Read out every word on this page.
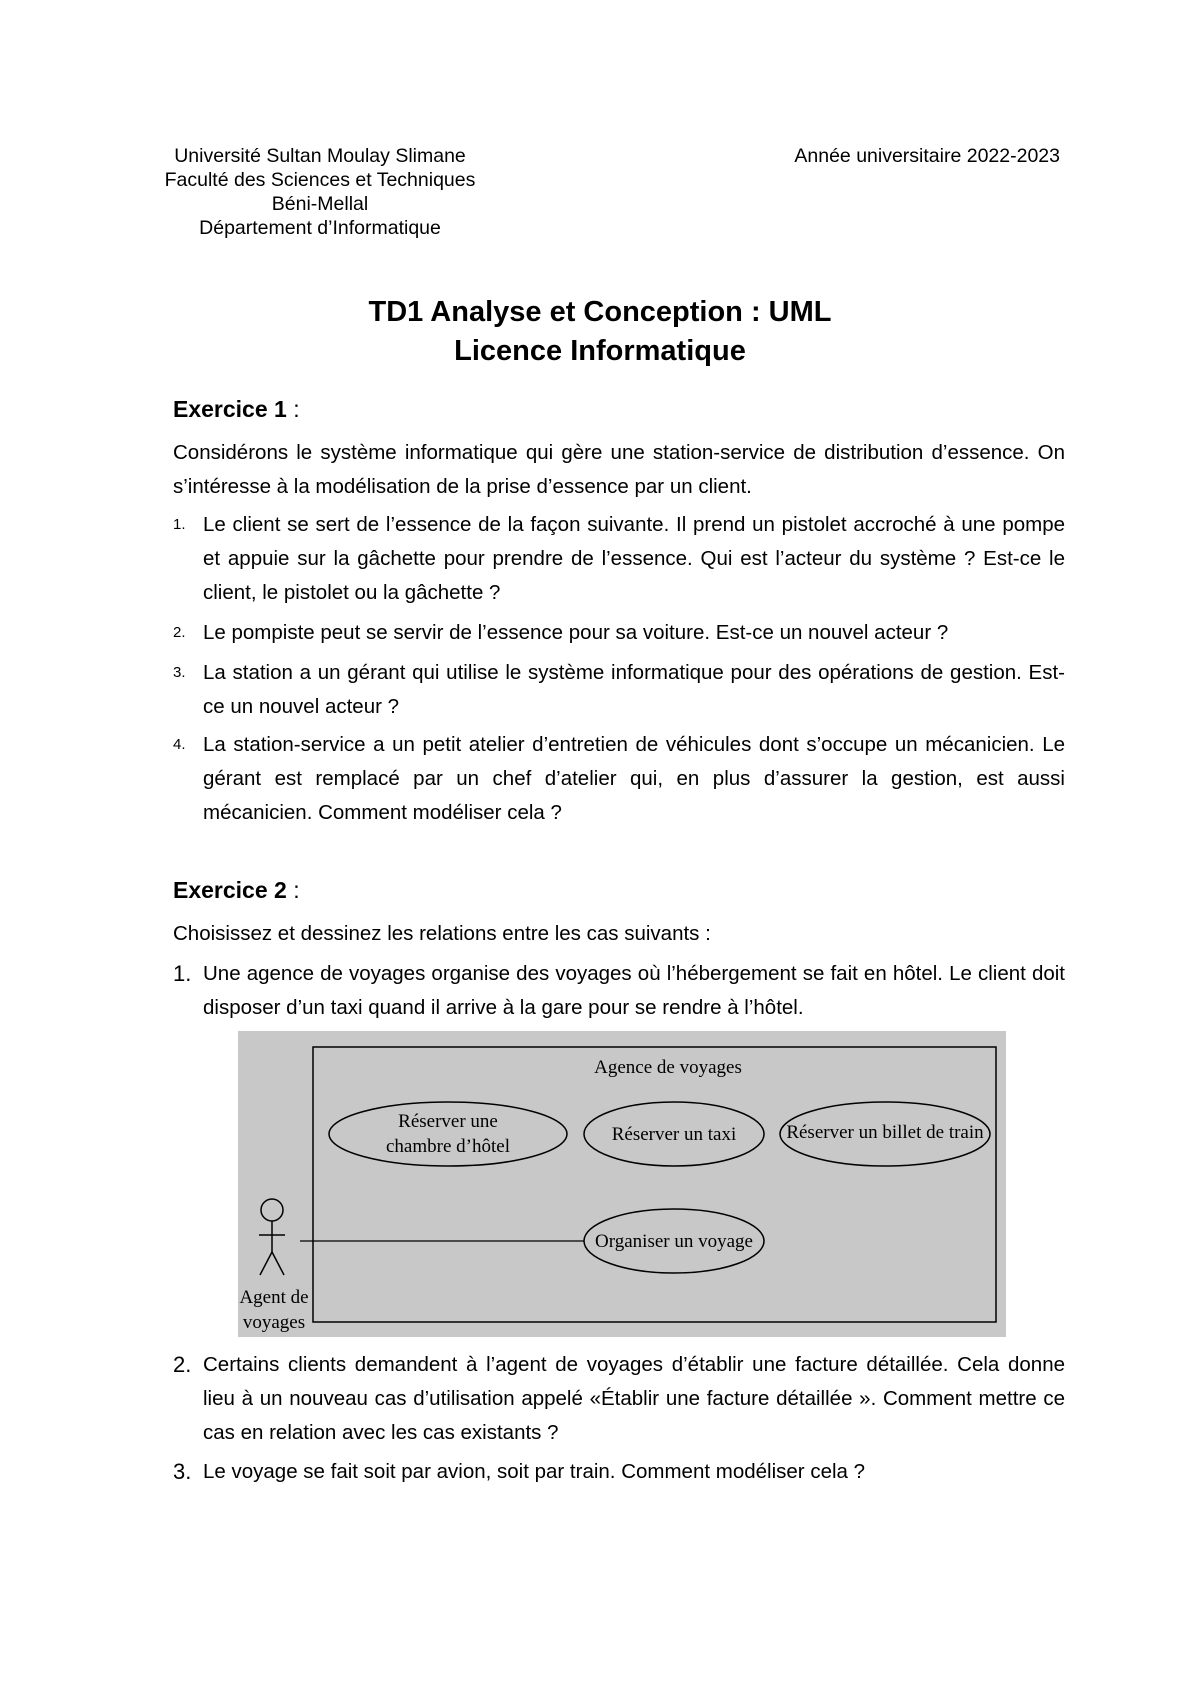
Université Sultan Moulay Slimane
Faculté des Sciences et Techniques
Béni-Mellal
Département d’Informatique
Année universitaire 2022-2023
TD1 Analyse et Conception : UML
Licence Informatique
Exercice 1 :
Considérons le système informatique qui gère une station-service de distribution d’essence. On s’intéresse à la modélisation de la prise d’essence par un client.
1. Le client se sert de l’essence de la façon suivante. Il prend un pistolet accroché à une pompe et appuie sur la gâchette pour prendre de l’essence. Qui est l’acteur du système ? Est-ce le client, le pistolet ou la gâchette ?
2. Le pompiste peut se servir de l’essence pour sa voiture. Est-ce un nouvel acteur ?
3. La station a un gérant qui utilise le système informatique pour des opérations de gestion. Est-ce un nouvel acteur ?
4. La station-service a un petit atelier d’entretien de véhicules dont s’occupe un mécanicien. Le gérant est remplacé par un chef d’atelier qui, en plus d’assurer la gestion, est aussi mécanicien. Comment modéliser cela ?
Exercice 2 :
Choisissez et dessinez les relations entre les cas suivants :
1. Une agence de voyages organise des voyages où l’hébergement se fait en hôtel. Le client doit disposer d’un taxi quand il arrive à la gare pour se rendre à l’hôtel.
Agence de voyages
Réserver une
chambre d’hôtel
Réserver un taxi	Réserver un billet de train
Organiser un voyage
Agent de
voyages
2. Certains clients demandent à l’agent de voyages d’établir une facture détaillée. Cela donne lieu à un nouveau cas d’utilisation appelé «Établir une facture détaillée ». Comment mettre ce cas en relation avec les cas existants ?
3. Le voyage se fait soit par avion, soit par train. Comment modéliser cela ?
